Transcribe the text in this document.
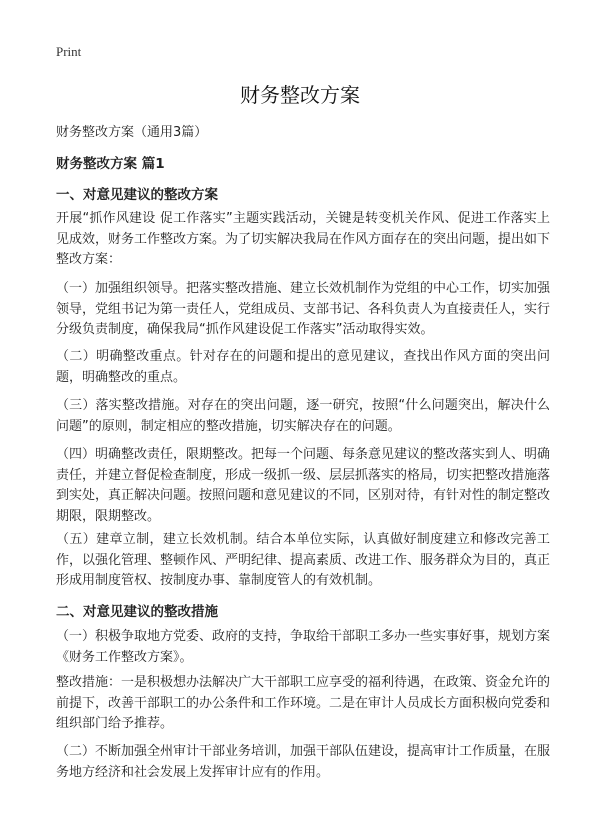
Print
财务整改方案
财务整改方案（通用3篇）
财务整改方案 篇1
一、对意见建议的整改方案

开展“抓作风建设 促工作落实”主题实践活动，关键是转变机关作风、促进工作落实上见成效，财务工作整改方案。为了切实解决我局在作风方面存在的突出问题，提出如下整改方案：

（一）加强组织领导。把落实整改措施、建立长效机制作为党组的中心工作，切实加强领导，党组书记为第一责任人，党组成员、支部书记、各科负责人为直接责任人，实行分级负责制度，确保我局“抓作风建设促工作落实”活动取得实效。

（二）明确整改重点。针对存在的问题和提出的意见建议，查找出作风方面的突出问题，明确整改的重点。

（三）落实整改措施。对存在的突出问题，逐一研究，按照“什么问题突出，解决什么问题”的原则，制定相应的整改措施，切实解决存在的问题。

（四）明确整改责任，限期整改。把每一个问题、每条意见建议的整改落实到人、明确责任，并建立督促检查制度，形成一级抓一级、层层抓落实的格局，切实把整改措施落到实处，真正解决问题。按照问题和意见建议的不同，区别对待，有针对性的制定整改期限，限期整改。

（五）建章立制，建立长效机制。结合本单位实际，认真做好制度建立和修改完善工作，以强化管理、整顿作风、严明纪律、提高素质、改进工作、服务群众为目的，真正形成用制度管权、按制度办事、靠制度管人的有效机制。

二、对意见建议的整改措施

（一）积极争取地方党委、政府的支持，争取给干部职工多办一些实事好事，规划方案《财务工作整改方案》。

整改措施：一是积极想办法解决广大干部职工应享受的福利待遇，在政策、资金允许的前提下，改善干部职工的办公条件和工作环境。二是在审计人员成长方面积极向党委和组织部门给予推荐。

（二）不断加强全州审计干部业务培训，加强干部队伍建设，提高审计工作质量，在服务地方经济和社会发展上发挥审计应有的作用。
